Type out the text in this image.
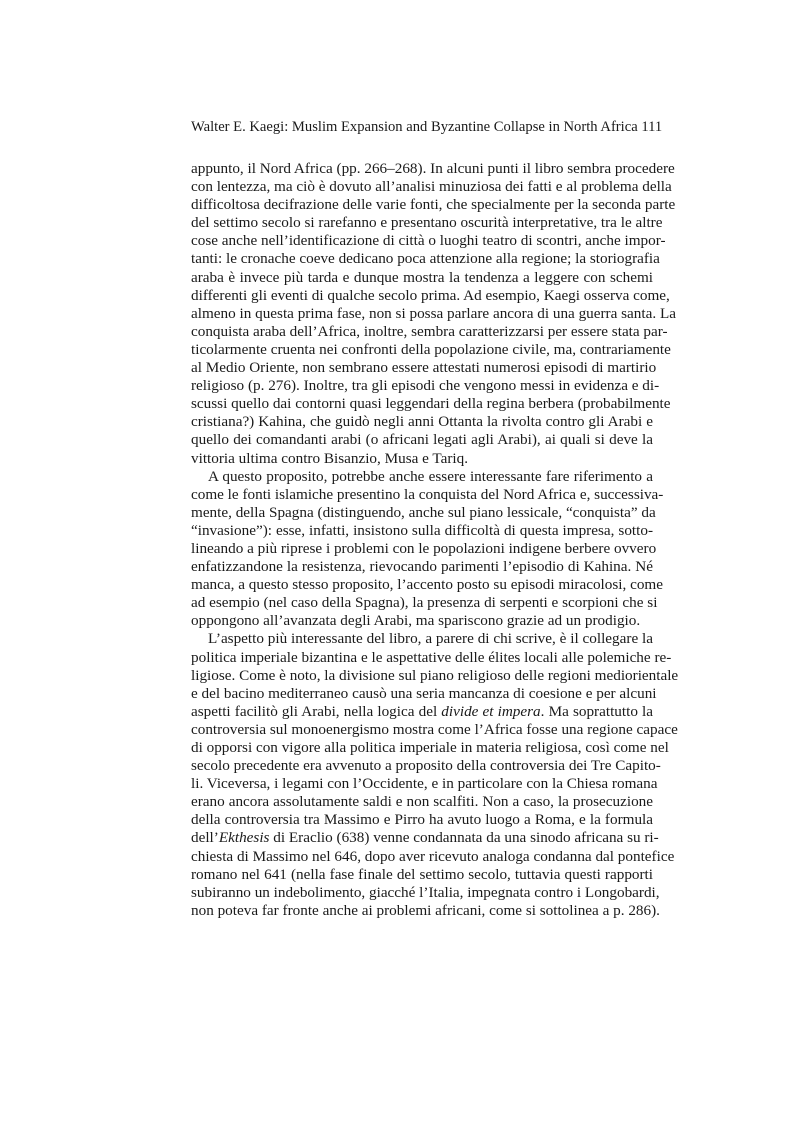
Walter E. Kaegi: Muslim Expansion and Byzantine Collapse in North Africa 111
appunto, il Nord Africa (pp. 266–268). In alcuni punti il libro sembra procedere
con lentezza, ma ciò è dovuto all’analisi minuziosa dei fatti e al problema della
difficoltosa decifrazione delle varie fonti, che specialmente per la seconda parte
del settimo secolo si rarefanno e presentano oscurità interpretative, tra le altre
cose anche nell’identificazione di città o luoghi teatro di scontri, anche impor-
tanti: le cronache coeve dedicano poca attenzione alla regione; la storiografia
araba è invece più tarda e dunque mostra la tendenza a leggere con schemi
differenti gli eventi di qualche secolo prima. Ad esempio, Kaegi osserva come,
almeno in questa prima fase, non si possa parlare ancora di una guerra santa. La
conquista araba dell’Africa, inoltre, sembra caratterizzarsi per essere stata par-
ticolarmente cruenta nei confronti della popolazione civile, ma, contrariamente
al Medio Oriente, non sembrano essere attestati numerosi episodi di martirio
religioso (p. 276). Inoltre, tra gli episodi che vengono messi in evidenza e di-
scussi quello dai contorni quasi leggendari della regina berbera (probabilmente
cristiana?) Kahina, che guidò negli anni Ottanta la rivolta contro gli Arabi e
quello dei comandanti arabi (o africani legati agli Arabi), ai quali si deve la
vittoria ultima contro Bisanzio, Musa e Tariq.
A questo proposito, potrebbe anche essere interessante fare riferimento a
come le fonti islamiche presentino la conquista del Nord Africa e, successiva-
mente, della Spagna (distinguendo, anche sul piano lessicale, “conquista” da
“invasione”): esse, infatti, insistono sulla difficoltà di questa impresa, sotto-
lineando a più riprese i problemi con le popolazioni indigene berbere ovvero
enfatizzandone la resistenza, rievocando parimenti l’episodio di Kahina. Né
manca, a questo stesso proposito, l’accento posto su episodi miracolosi, come
ad esempio (nel caso della Spagna), la presenza di serpenti e scorpioni che si
oppongono all’avanzata degli Arabi, ma spariscono grazie ad un prodigio.
L’aspetto più interessante del libro, a parere di chi scrive, è il collegare la
politica imperiale bizantina e le aspettative delle élites locali alle polemiche re-
ligiose. Come è noto, la divisione sul piano religioso delle regioni mediorientale
e del bacino mediterraneo causò una seria mancanza di coesione e per alcuni
aspetti facilitò gli Arabi, nella logica del divide et impera. Ma soprattutto la
controversia sul monoenergismo mostra come l’Africa fosse una regione capace
di opporsi con vigore alla politica imperiale in materia religiosa, così come nel
secolo precedente era avvenuto a proposito della controversia dei Tre Capito-
li. Viceversa, i legami con l’Occidente, e in particolare con la Chiesa romana
erano ancora assolutamente saldi e non scalfiti. Non a caso, la prosecuzione
della controversia tra Massimo e Pirro ha avuto luogo a Roma, e la formula
dell’Ekthesis di Eraclio (638) venne condannata da una sinodo africana su ri-
chiesta di Massimo nel 646, dopo aver ricevuto analoga condanna dal pontefice
romano nel 641 (nella fase finale del settimo secolo, tuttavia questi rapporti
subiranno un indebolimento, giacché l’Italia, impegnata contro i Longobardi,
non poteva far fronte anche ai problemi africani, come si sottolinea a p. 286).
